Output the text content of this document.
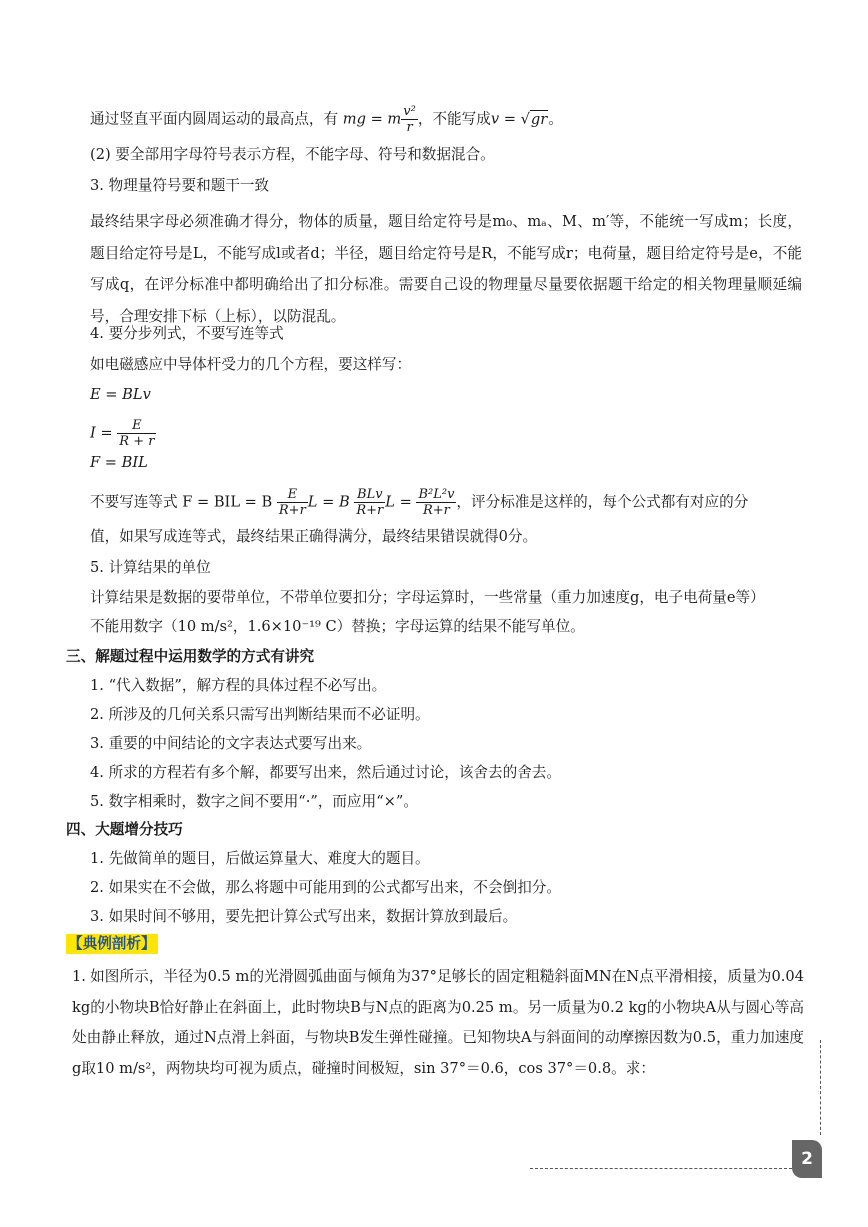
通过竖直平面内圆周运动的最高点，有 mg = m $\frac{\text{v²}}{r}$ ，不能写成v = √gr。
(2) 要全部用字母符号表示方程，不能字母、符号和数据混合。
3. 物理量符号要和题干一致
最终结果字母必须准确才得分，物体的质量，题目给定符号是m₀、mₐ、M、m′等，不能统一写成m；长度，题目给定符号是L，不能写成l或者d；半径，题目给定符号是R，不能写成r；电荷量，题目给定符号是e，不能写成q，在评分标准中都明确给出了扣分标准。需要自己设的物理量尽量要依据题干给定的相关物理量顺延编号，合理安排下标（上标），以防混乱。
4. 要分步列式，不要写连等式
如电磁感应中导体杆受力的几个方程，要这样写：
E = BLv
$I = \frac{E}{R + r}$
F = BIL
不要写连等式 F = BIL = B $\frac{E}{R+r}$ L = B $\frac{\text{BLv}}{R+r}$ $L = \frac{\text{B²L²v}}{R+r}$ ，评分标准是这样的，每个公式都有对应的分
值，如果写成连等式，最终结果正确得满分，最终结果错误就得0分。
5. 计算结果的单位
计算结果是数据的要带单位，不带单位要扣分；字母运算时，一些常量（重力加速度g，电子电荷量e等）
不能用数字（10 m/s²，1.6×10⁻¹⁹ C）替换；字母运算的结果不能写单位。
三、解题过程中运用数学的方式有讲究
1. “代入数据”，解方程的具体过程不必写出。
2. 所涉及的几何关系只需写出判断结果而不必证明。
3. 重要的中间结论的文字表达式要写出来。
4. 所求的方程若有多个解，都要写出来，然后通过讨论，该舍去的舍去。
5. 数字相乘时，数字之间不要用“·”，而应用“×”。
四、大题增分技巧
1. 先做简单的题目，后做运算量大、难度大的题目。
2. 如果实在不会做，那么将题中可能用到的公式都写出来，不会倒扣分。
3. 如果时间不够用，要先把计算公式写出来，数据计算放到最后。
【典例剖析】
1. 如图所示，半径为0.5 m的光滑圆弧曲面与倾角为37°足够长的固定粗糙斜面MN在N点平滑相接，质量为0.04 kg的小物块B恰好静止在斜面上，此时物块B与N点的距离为0.25 m。另一质量为0.2 kg的小物块A从与圆心等高处由静止释放，通过N点滑上斜面，与物块B发生弹性碰撞。已知物块A与斜面间的动摩擦因数为0.5，重力加速度g取10 m/s²，两物块均可视为质点，碰撞时间极短，sin 37°＝0.6，cos 37°＝0.8。求：
2
